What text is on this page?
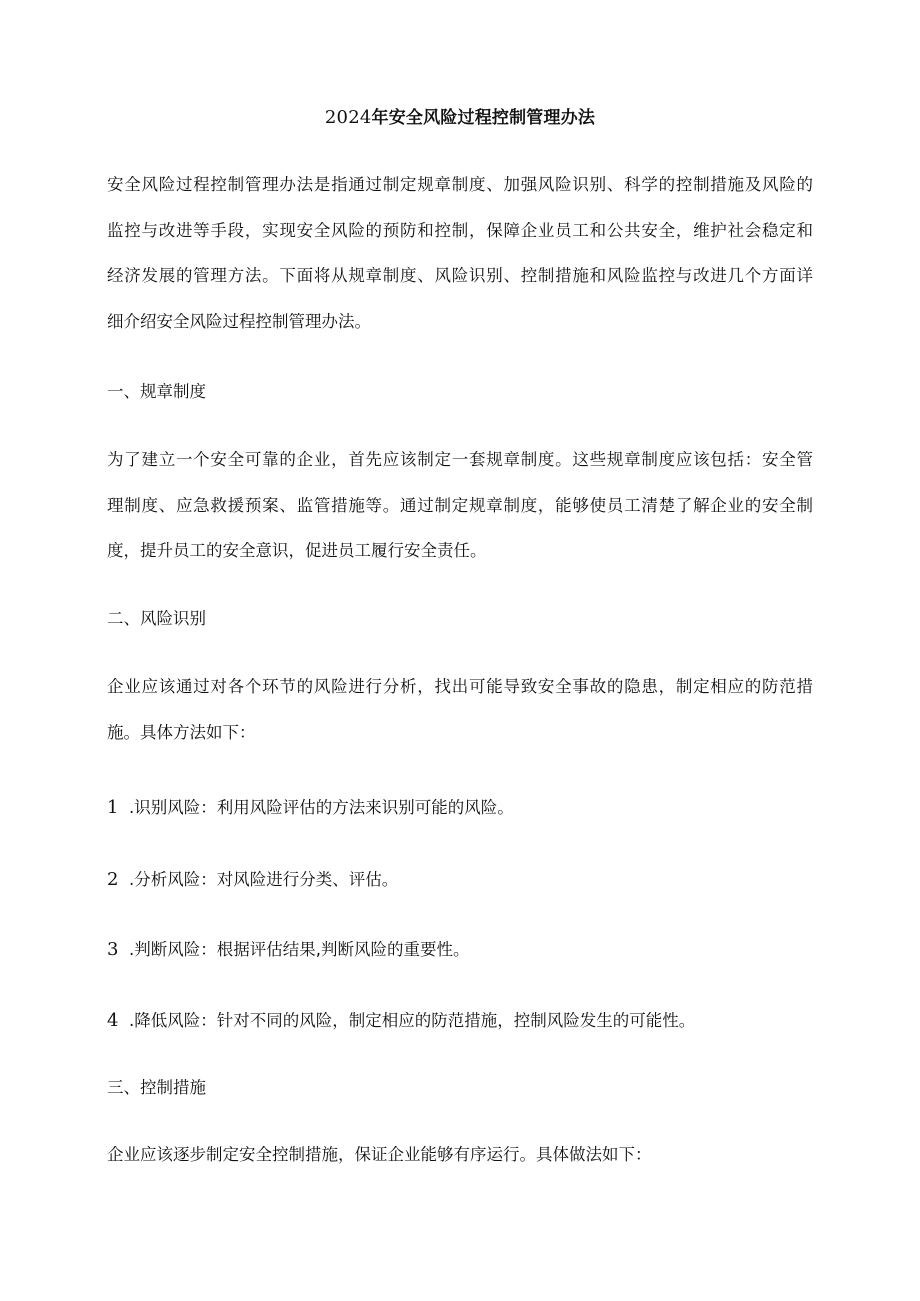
2024年安全风险过程控制管理办法
安全风险过程控制管理办法是指通过制定规章制度、加强风险识别、科学的控制措施及风险的
监控与改进等手段，实现安全风险的预防和控制，保障企业员工和公共安全，维护社会稳定和
经济发展的管理方法。下面将从规章制度、风险识别、控制措施和风险监控与改进几个方面详
细介绍安全风险过程控制管理办法。
一、规章制度
为了建立一个安全可靠的企业，首先应该制定一套规章制度。这些规章制度应该包括：安全管
理制度、应急救援预案、监管措施等。通过制定规章制度，能够使员工清楚了解企业的安全制
度，提升员工的安全意识，促进员工履行安全责任。
二、风险识别
企业应该通过对各个环节的风险进行分析，找出可能导致安全事故的隐患，制定相应的防范措
施。具体方法如下：
1 .识别风险：利用风险评估的方法来识别可能的风险。
2 .分析风险：对风险进行分类、评估。
3 .判断风险：根据评估结果,判断风险的重要性。
4 .降低风险：针对不同的风险，制定相应的防范措施，控制风险发生的可能性。
三、控制措施
企业应该逐步制定安全控制措施，保证企业能够有序运行。具体做法如下：
